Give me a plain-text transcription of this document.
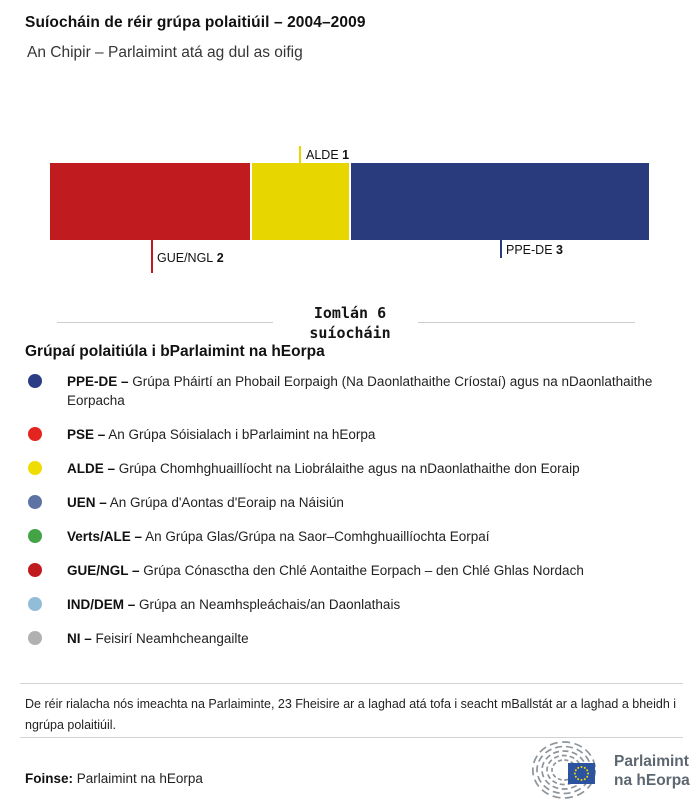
Suíocháin de réir grúpa polaitiúil – 2004–2009
An Chipir – Parlaimint atá ag dul as oifig
ALDE 1
GUE/NGL 2
PPE-DE 3
Iomlán 6
suíocháin
Grúpaí polaitiúla i bParlaimint na hEorpa
PPE-DE – Grúpa Pháirtí an Phobail Eorpaigh (Na Daonlathaithe Críostaí) agus na nDaonlathaithe Eorpacha
PSE – An Grúpa Sóisialach i bParlaimint na hEorpa
ALDE – Grúpa Chomhghuaillíocht na Liobrálaithe agus na nDaonlathaithe don Eoraip
UEN – An Grúpa d'Aontas d'Eoraip na Náisiún
Verts/ALE – An Grúpa Glas/Grúpa na Saor–Comhghuaillíochta Eorpaí
GUE/NGL – Grúpa Cónasctha den Chlé Aontaithe Eorpach – den Chlé Ghlas Nordach
IND/DEM – Grúpa an Neamhspleáchais/an Daonlathais
NI – Feisirí Neamhcheangailte

De réir rialacha nós imeachta na Parlaiminte, 23 Fheisire ar a laghad atá tofa i seacht mBallstát ar a laghad a bheidh i ngrúpa polaitiúil.

Foinse: Parlaimint na hEorpa

Parlaimint
na hEorpa
